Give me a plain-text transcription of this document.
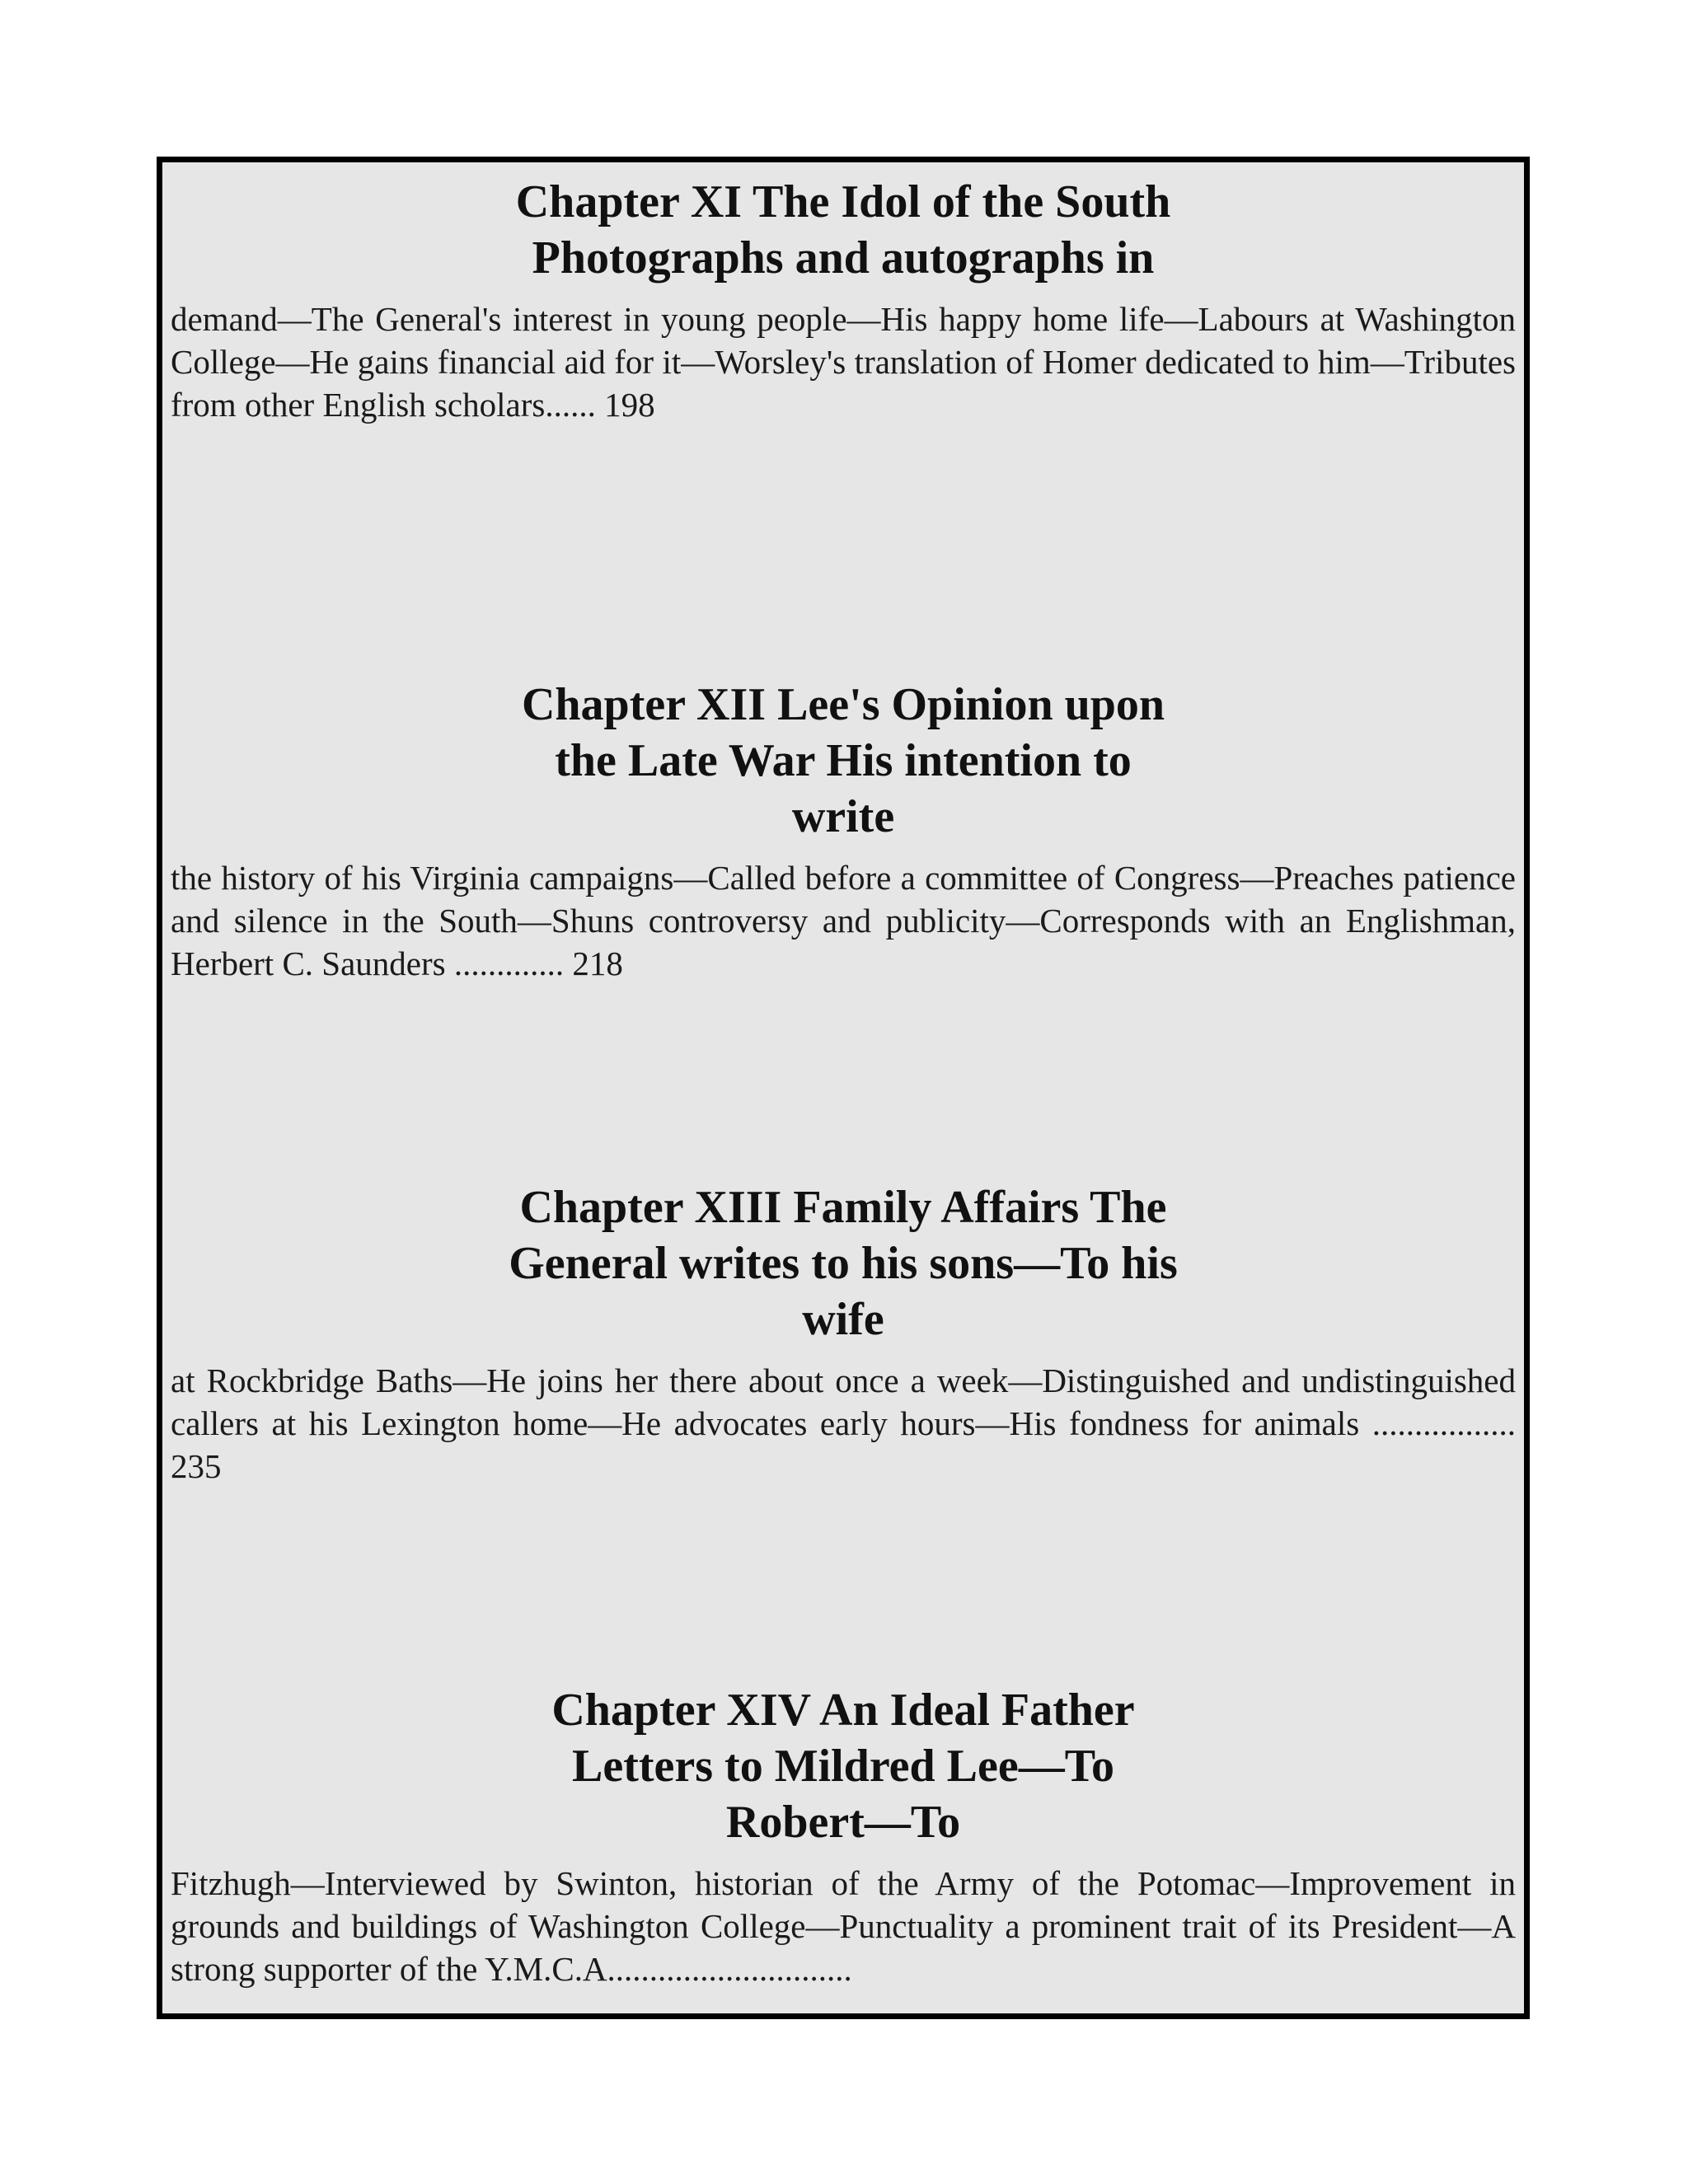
Chapter XI The Idol of the South Photographs and autographs in
demand—The General's interest in young people—His happy home life—Labours at Washington College—He gains financial aid for it—Worsley's translation of Homer dedicated to him—Tributes from other English scholars...... 198
Chapter XII Lee's Opinion upon the Late War His intention to write
the history of his Virginia campaigns—Called before a committee of Congress—Preaches patience and silence in the South—Shuns controversy and publicity—Corresponds with an Englishman, Herbert C. Saunders ............. 218
Chapter XIII Family Affairs The General writes to his sons—To his wife
at Rockbridge Baths—He joins her there about once a week—Distinguished and undistinguished callers at his Lexington home—He advocates early hours—His fondness for animals ................. 235
Chapter XIV An Ideal Father Letters to Mildred Lee—To Robert—To
Fitzhugh—Interviewed by Swinton, historian of the Army of the Potomac—Improvement in grounds and buildings of Washington College—Punctuality a prominent trait of its President—A strong supporter of the Y.M.C.A.............................
